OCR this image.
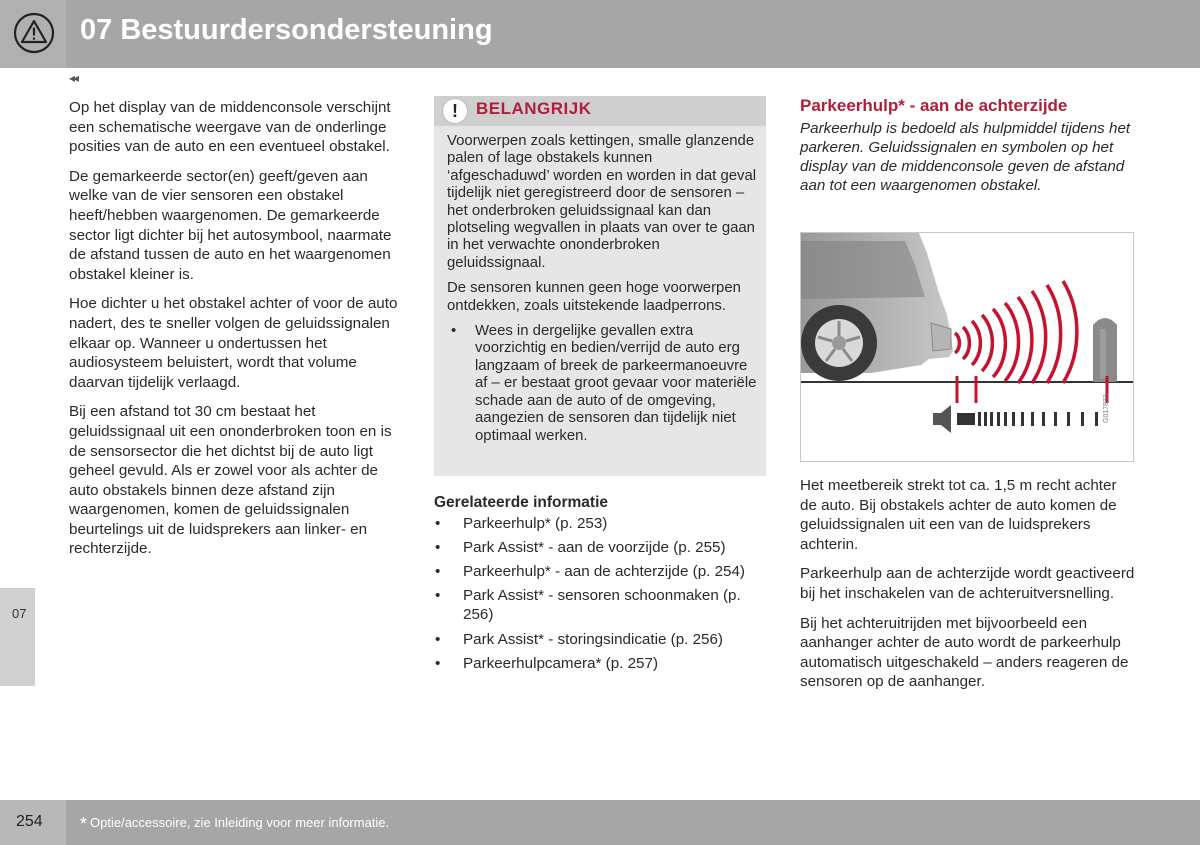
07 Bestuurdersondersteuning
◂◂

Op het display van de middenconsole verschijnt een schematische weergave van de onderlinge posities van de auto en een eventueel obstakel.

De gemarkeerde sector(en) geeft/geven aan welke van de vier sensoren een obstakel heeft/hebben waargenomen. De gemarkeerde sector ligt dichter bij het autosymbool, naarmate de afstand tussen de auto en het waargenomen obstakel kleiner is.

Hoe dichter u het obstakel achter of voor de auto nadert, des te sneller volgen de geluidssignalen elkaar op. Wanneer u ondertussen het audiosysteem beluistert, wordt that volume daarvan tijdelijk verlaagd.

Bij een afstand tot 30 cm bestaat het geluidssignaal uit een ononderbroken toon en is de sensorsector die het dichtst bij de auto ligt geheel gevuld. Als er zowel voor als achter de auto obstakels binnen deze afstand zijn waargenomen, komen de geluidssignalen beurtelings uit de luidsprekers aan linker- en rechterzijde.

07
!	BELANGRIJK

Voorwerpen zoals kettingen, smalle glanzende palen of lage obstakels kunnen ‘afgeschaduwd’ worden en worden in dat geval tijdelijk niet geregistreerd door de sensoren – het onderbroken geluidssignaal kan dan plotseling wegvallen in plaats van over te gaan in het verwachte ononderbroken geluidssignaal.

De sensoren kunnen geen hoge voorwerpen ontdekken, zoals uitstekende laadperrons.

• Wees in dergelijke gevallen extra voorzichtig en bedien/verrijd de auto erg langzaam of breek de parkeermanoeuvre af – er bestaat groot gevaar voor materiële schade aan de auto of de omgeving, aangezien de sensoren dan tijdelijk niet optimaal werken.
Gerelateerde informatie
• Parkeerhulp* (p. 253)
• Park Assist* - aan de voorzijde (p. 255)
• Parkeerhulp* - aan de achterzijde (p. 254)
• Park Assist* - sensoren schoonmaken (p. 256)
• Park Assist* - storingsindicatie (p. 256)
• Parkeerhulpcamera* (p. 257)
Parkeerhulp* - aan de achterzijde

Parkeerhulp is bedoeld als hulpmiddel tijdens het parkeren. Geluidssignalen en symbolen op het display van de middenconsole geven de afstand aan tot een waargenomen obstakel.

G017833

Het meetbereik strekt tot ca. 1,5 m recht achter de auto. Bij obstakels achter de auto komen de geluidssignalen uit een van de luidsprekers achterin.

Parkeerhulp aan de achterzijde wordt geactiveerd bij het inschakelen van de achteruitversnelling.

Bij het achteruitrijden met bijvoorbeeld een aanhanger achter de auto wordt de parkeerhulp automatisch uitgeschakeld – anders reageren de sensoren op de aanhanger.

254 * Optie/accessoire, zie Inleiding voor meer informatie.
